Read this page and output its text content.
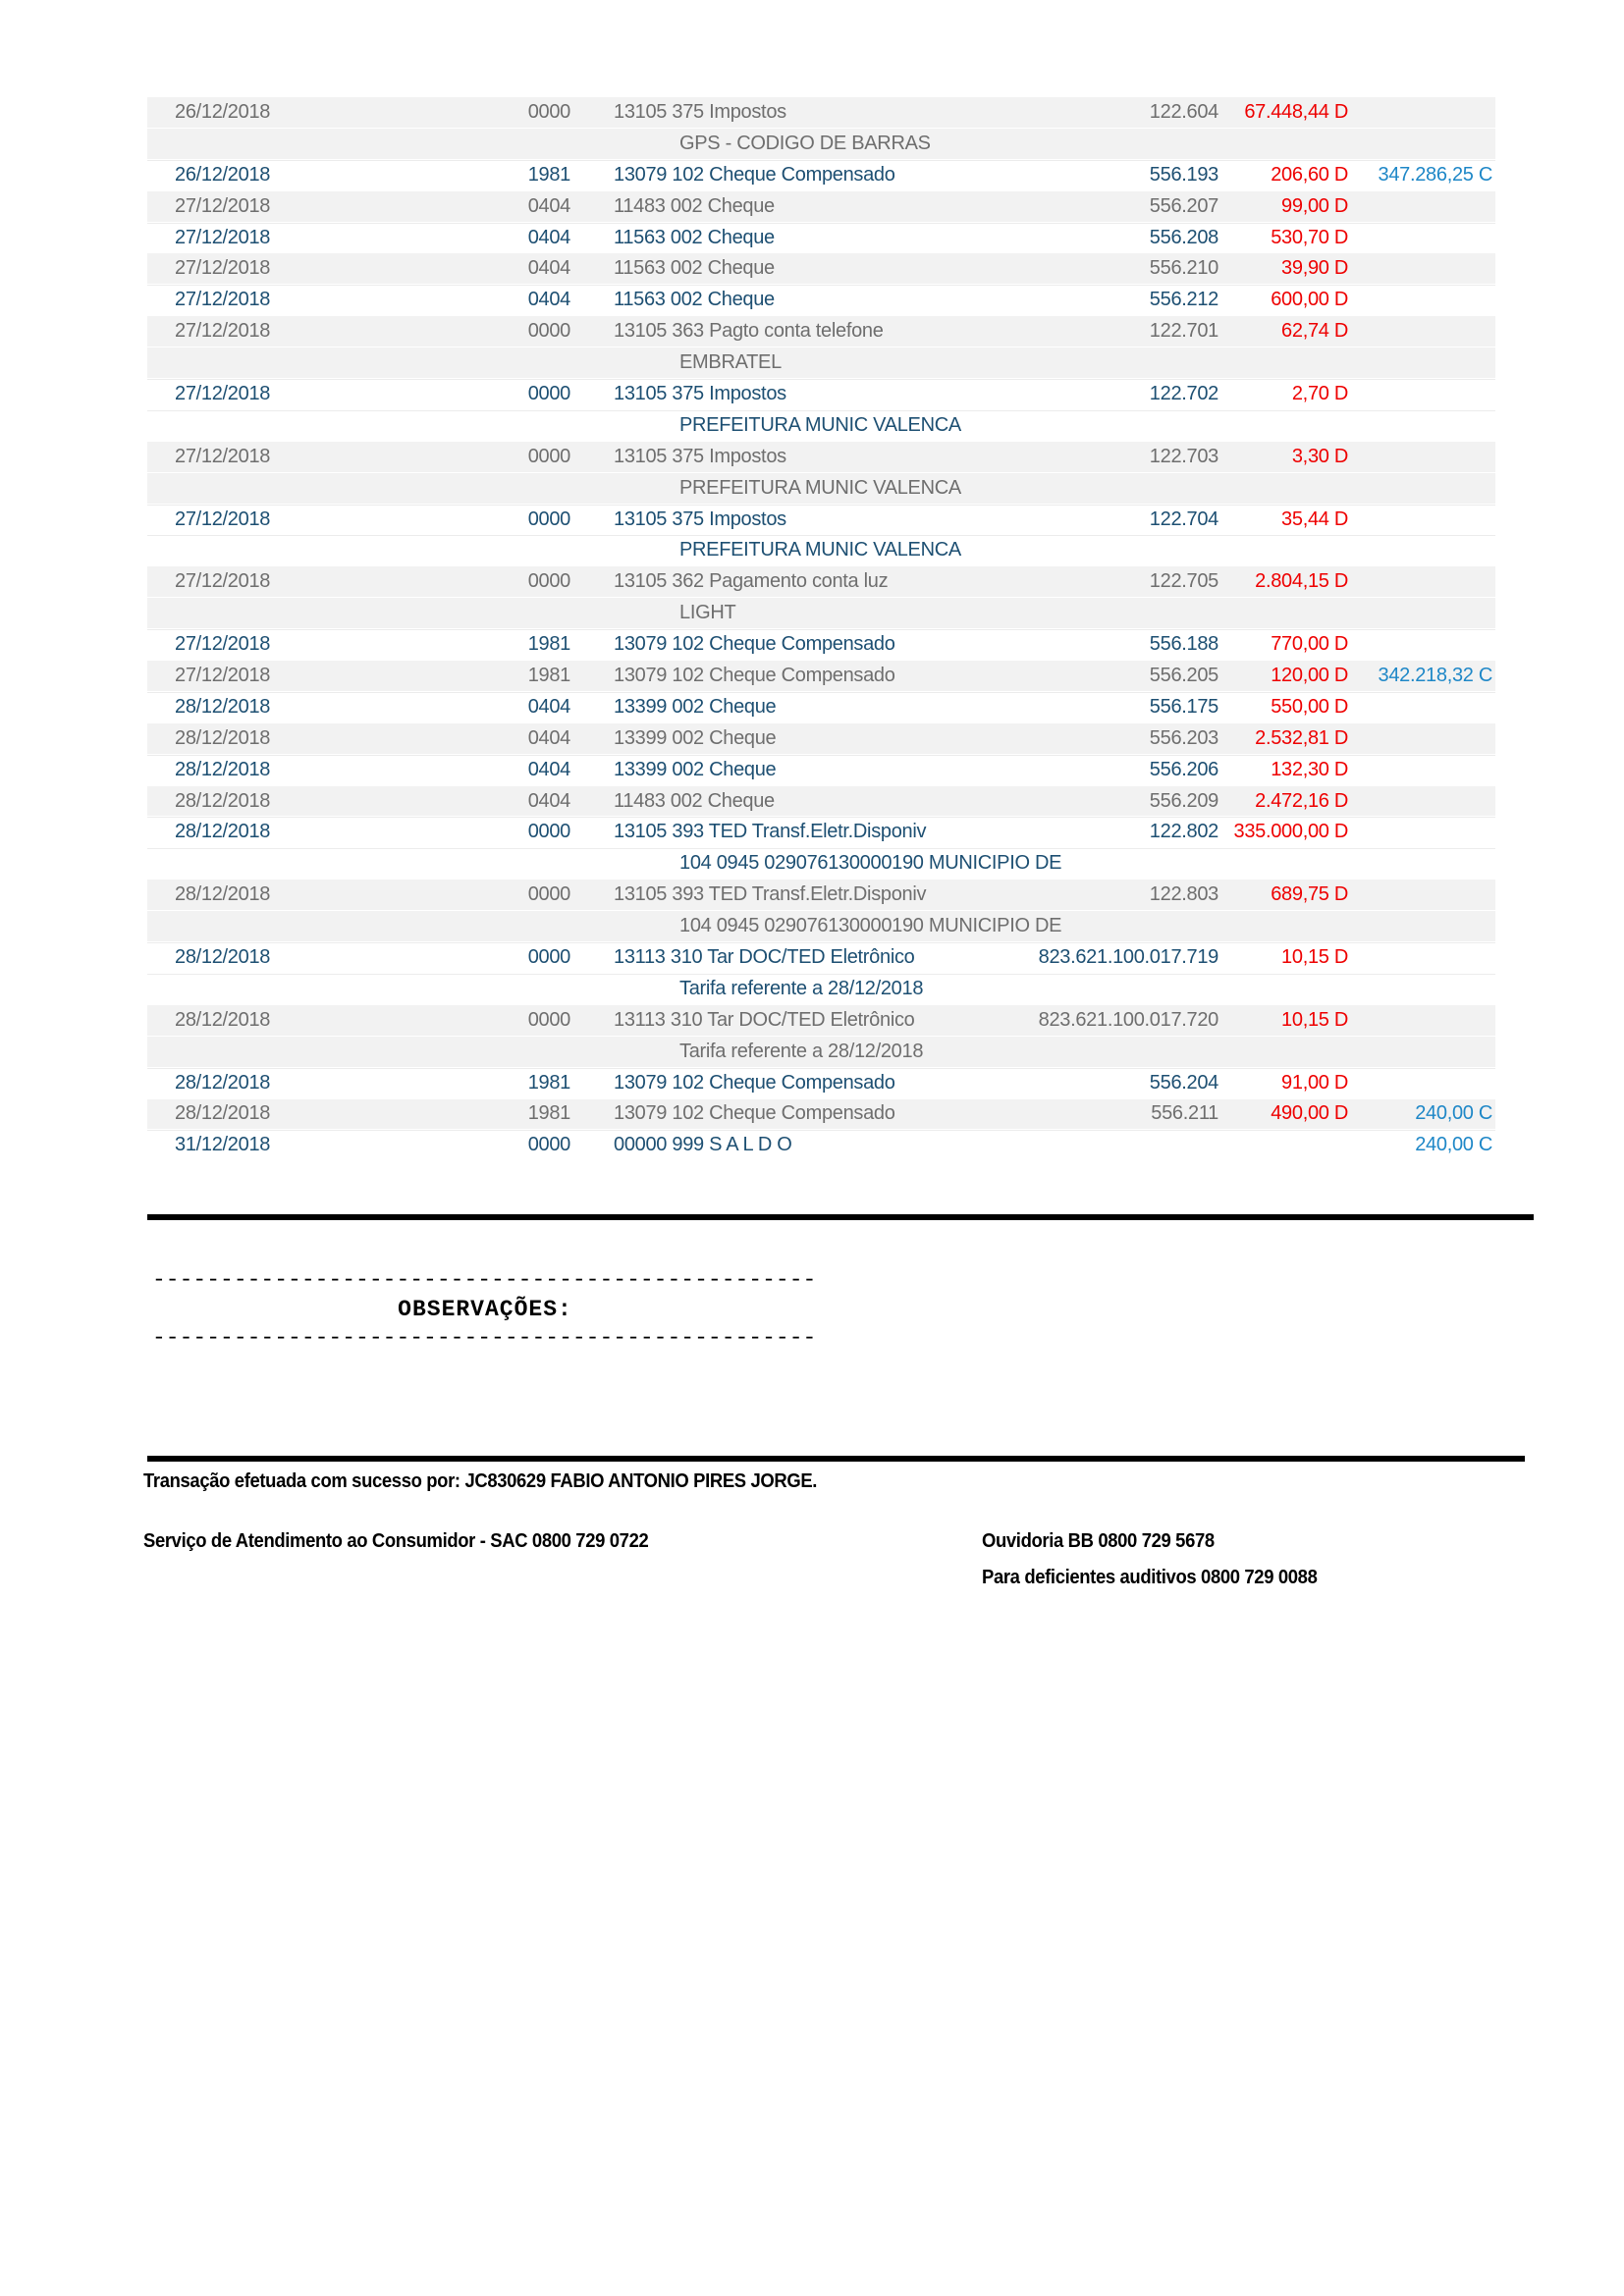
26/12/2018	0000	13105 375 Impostos	122.604	67.448,44 D
GPS - CODIGO DE BARRAS
26/12/2018	1981	13079 102 Cheque Compensado	556.193	206,60 D	347.286,25 C
27/12/2018	0404	11483 002 Cheque	556.207	99,00 D
27/12/2018	0404	11563 002 Cheque	556.208	530,70 D
27/12/2018	0404	11563 002 Cheque	556.210	39,90 D
27/12/2018	0404	11563 002 Cheque	556.212	600,00 D
27/12/2018	0000	13105 363 Pagto conta telefone	122.701	62,74 D
EMBRATEL
27/12/2018	0000	13105 375 Impostos	122.702	2,70 D
PREFEITURA MUNIC VALENCA
27/12/2018	0000	13105 375 Impostos	122.703	3,30 D
PREFEITURA MUNIC VALENCA
27/12/2018	0000	13105 375 Impostos	122.704	35,44 D
PREFEITURA MUNIC VALENCA
27/12/2018	0000	13105 362 Pagamento conta luz	122.705	2.804,15 D
LIGHT
27/12/2018	1981	13079 102 Cheque Compensado	556.188	770,00 D
27/12/2018	1981	13079 102 Cheque Compensado	556.205	120,00 D	342.218,32 C
28/12/2018	0404	13399 002 Cheque	556.175	550,00 D
28/12/2018	0404	13399 002 Cheque	556.203	2.532,81 D
28/12/2018	0404	13399 002 Cheque	556.206	132,30 D
28/12/2018	0404	11483 002 Cheque	556.209	2.472,16 D
28/12/2018	0000	13105 393 TED Transf.Eletr.Disponiv	122.802 335.000,00 D
104 0945 029076130000190 MUNICIPIO DE
28/12/2018	0000	13105 393 TED Transf.Eletr.Disponiv	122.803	689,75 D
104 0945 029076130000190 MUNICIPIO DE
28/12/2018	0000	13113 310 Tar DOC/TED Eletrônico	823.621.100.017.719	10,15 D
Tarifa referente a 28/12/2018
28/12/2018	0000	13113 310 Tar DOC/TED Eletrônico	823.621.100.017.720	10,15 D
Tarifa referente a 28/12/2018
28/12/2018	1981	13079 102 Cheque Compensado	556.204	91,00 D
28/12/2018	1981	13079 102 Cheque Compensado	556.211	490,00 D	240,00 C
31/12/2018	0000	00000 999 S A L D O	240,00 C
-------------------------------------------------
OBSERVAÇÕES:
-------------------------------------------------
Transação efetuada com sucesso por: JC830629 FABIO ANTONIO PIRES JORGE.
Serviço de Atendimento ao Consumidor - SAC 0800 729 0722	Ouvidoria BB 0800 729 5678
Para deficientes auditivos 0800 729 0088
